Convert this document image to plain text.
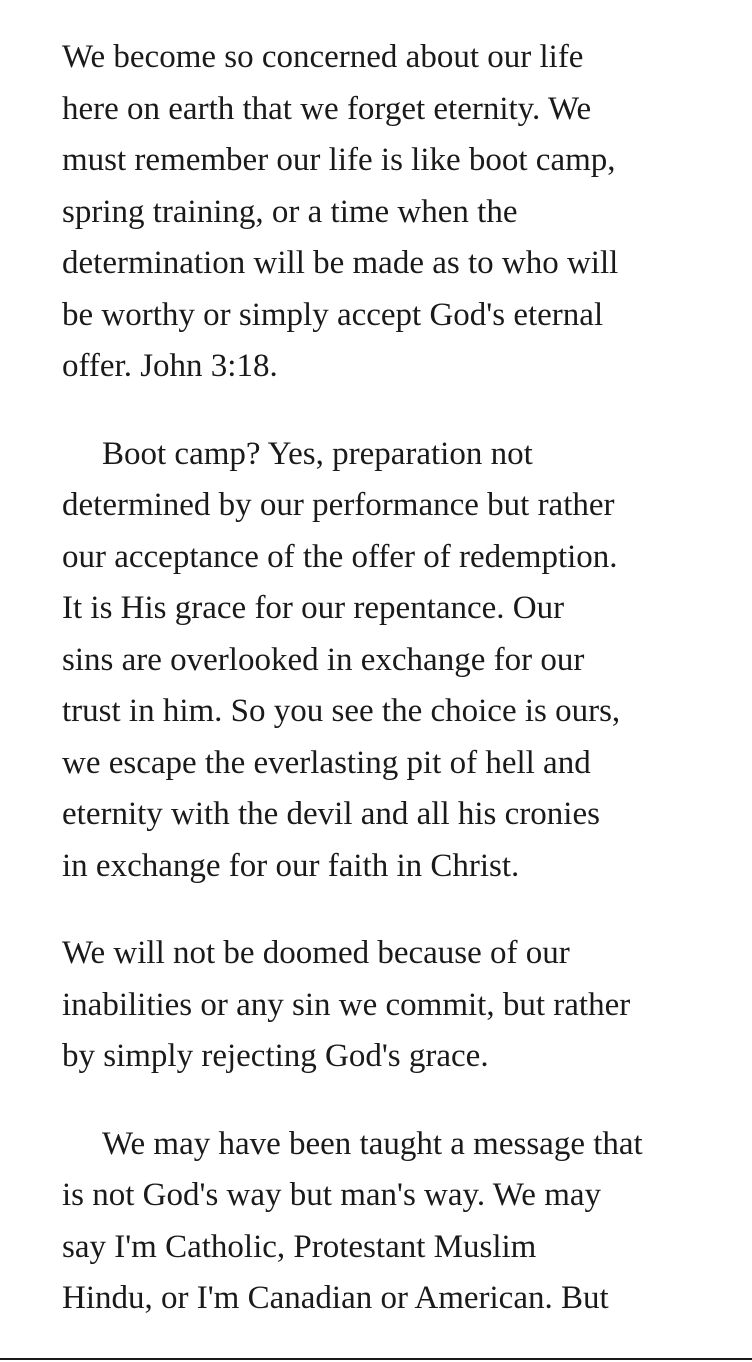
We become so concerned about our life
here on earth that we forget eternity. We
must remember our life is like boot camp,
spring training, or a time when the
determination will be made as to who will
be worthy or simply accept God's eternal
offer. John 3:18.

Boot camp? Yes, preparation not
determined by our performance but rather
our acceptance of the offer of redemption.
It is His grace for our repentance. Our
sins are overlooked in exchange for our
trust in him. So you see the choice is ours,
we escape the everlasting pit of hell and
eternity with the devil and all his cronies
in exchange for our faith in Christ.

We will not be doomed because of our
inabilities or any sin we commit, but rather
by simply rejecting God's grace.

We may have been taught a message that
is not God's way but man's way. We may
say I'm Catholic, Protestant Muslim
Hindu, or I'm Canadian or American. But
